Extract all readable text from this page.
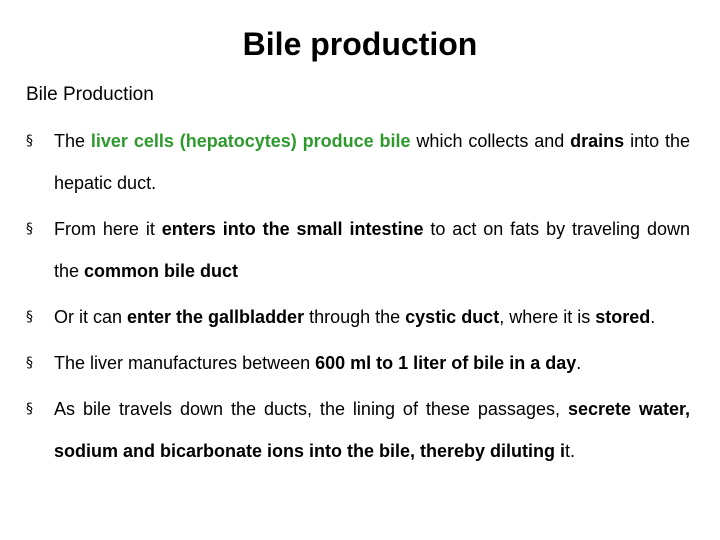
Bile production
Bile Production
§	The liver cells (hepatocytes) produce bile which collects and drains into the hepatic duct.
§	From here it enters into the small intestine to act on fats by traveling down the common bile duct
§	Or it can enter the gallbladder through the cystic duct, where it is stored.
§	The liver manufactures between 600 ml to 1 liter of bile in a day.
§	As bile travels down the ducts, the lining of these passages, secrete water, sodium and bicarbonate ions into the bile, thereby diluting it.
